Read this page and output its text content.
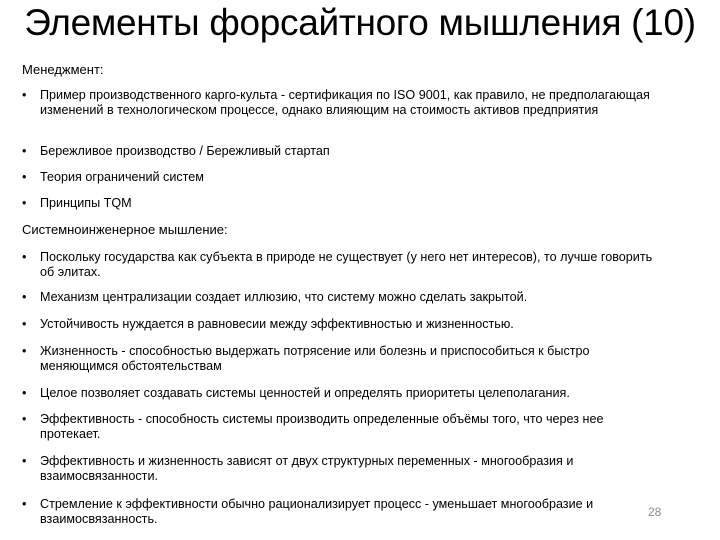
Элементы форсайтного мышления (10)
Менеджмент:
•	Пример производственного карго-культа - сертификация по ISO 9001, как правило, не предполагающая изменений в технологическом процессе, однако влияющим на стоимость активов предприятия
•	Бережливое производство / Бережливый стартап
•	Теория ограничений систем
•	Принципы TQM
Системноинженерное мышление:
•	Поскольку государства как субъекта в природе не существует (у него нет интересов), то лучше говорить об элитах.
•	Механизм централизации создает иллюзию, что систему можно сделать закрытой.
•	Устойчивость нуждается в равновесии между эффективностью и жизненностью.
•	Жизненность - способностью выдержать потрясение или болезнь и приспособиться к быстро меняющимся обстоятельствам
•	Целое позволяет создавать системы ценностей и определять приоритеты целеполагания.
•	Эффективность - способность системы производить определенные объёмы того, что через нее протекает.
•	Эффективность и жизненность зависят от двух структурных переменных - многообразия и взаимосвязанности.
•	Стремление к эффективности обычно рационализирует процесс - уменьшает многообразие и взаимосвязанность.	28
